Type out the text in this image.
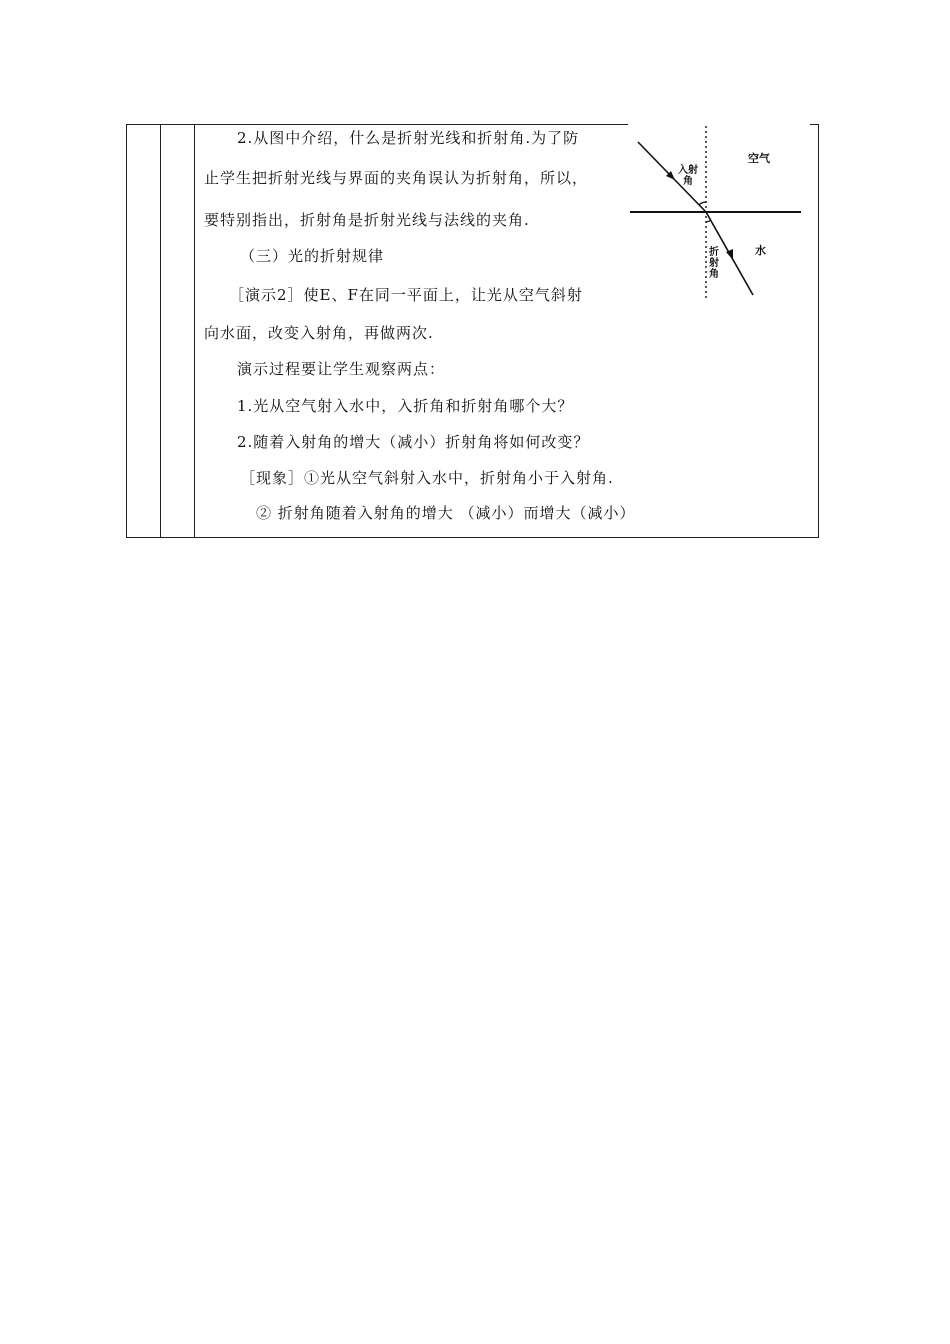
2.从图中介绍，什么是折射光线和折射角.为了防
止学生把折射光线与界面的夹角误认为折射角，所以，
要特别指出，折射角是折射光线与法线的夹角.
（三）光的折射规律
［演示2］使E、F在同一平面上，让光从空气斜射
向水面，改变入射角，再做两次.
演示过程要让学生观察两点：
1.光从空气射入水中，入折角和折射角哪个大？
2.随着入射角的增大（减小）折射角将如何改变？
［现象］①光从空气斜射入水中，折射角小于入射角.
② 折射角随着入射角的增大 （减小）而增大（减小）
空气
水
入射
角
折
射
角
